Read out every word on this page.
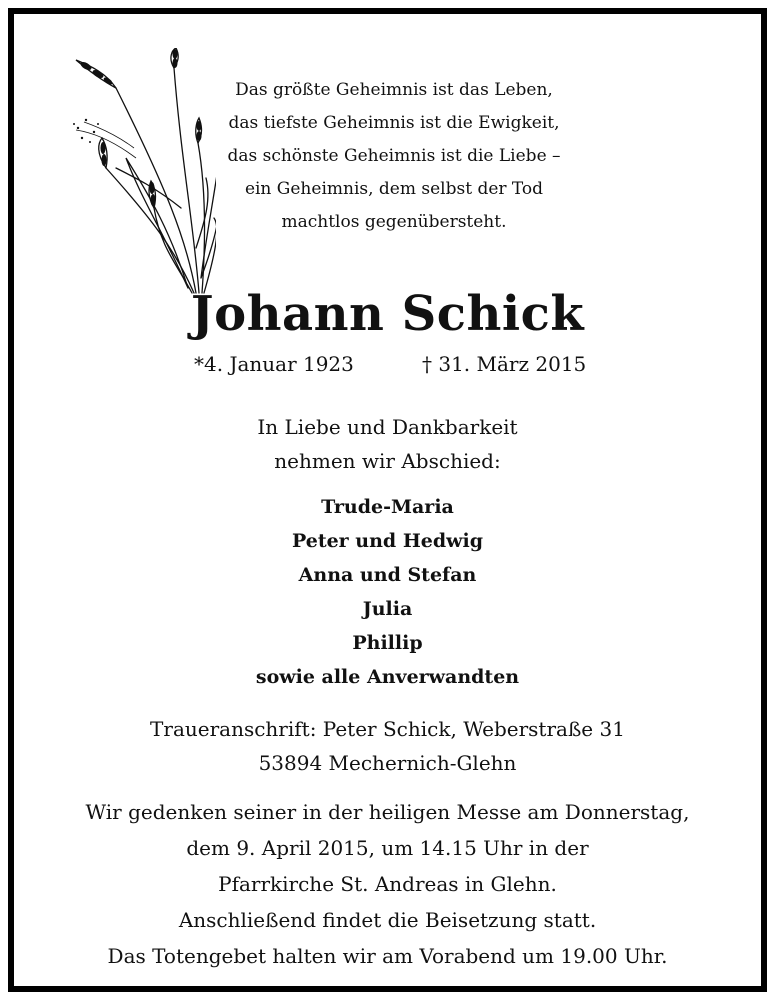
Das größte Geheimnis ist das Leben,
das tiefste Geheimnis ist die Ewigkeit,
das schönste Geheimnis ist die Liebe –
ein Geheimnis, dem selbst der Tod
machtlos gegenübersteht.
Johann Schick
*4. Januar 1923	† 31. März 2015
In Liebe und Dankbarkeit
nehmen wir Abschied:
Trude-Maria
Peter und Hedwig
Anna und Stefan
Julia
Phillip
sowie alle Anverwandten
Traueranschrift: Peter Schick, Weberstraße 31
53894 Mechernich-Glehn
Wir gedenken seiner in der heiligen Messe am Donnerstag,
dem 9. April 2015, um 14.15 Uhr in der
Pfarrkirche St. Andreas in Glehn.
Anschließend findet die Beisetzung statt.
Das Totengebet halten wir am Vorabend um 19.00 Uhr.
